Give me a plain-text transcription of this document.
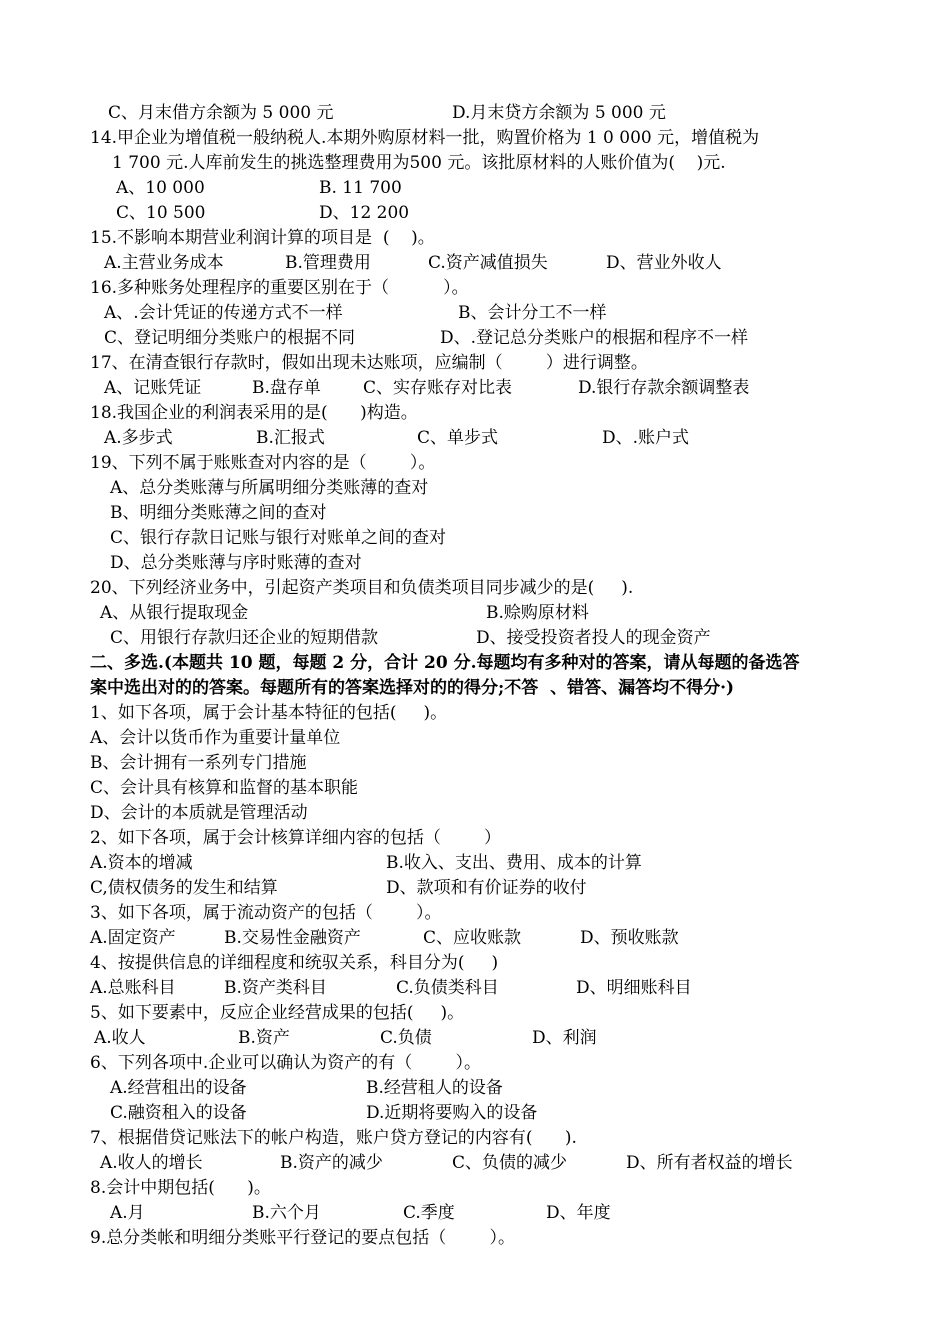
C、月末借方余额为 5 000 元	D.月末贷方余额为 5 000 元
14.甲企业为增值税一般纳税人.本期外购原材料一批，购置价格为 1 0 000 元，增值税为
1 700 元.人库前发生的挑选整理费用为500 元。该批原材料的人账价值为(    )元.
A、10 000	B. 11 700
C、10 500	D、12 200
15.不影响本期营业利润计算的项目是  (    )。
A.主营业务成本	B.管理费用	C.资产减值损失	D、营业外收人
16.多种账务处理程序的重要区别在于（          ）。
A、.会计凭证的传递方式不一样	B、会计分工不一样
C、登记明细分类账户的根据不同	D、.登记总分类账户的根据和程序不一样
17、在清查银行存款时，假如出现未达账项，应编制（        ）进行调整。
A、记账凭证	B.盘存单 C、实存账存对比表	D.银行存款余额调整表
18.我国企业的利润表采用的是(      )构造。
A.多步式	B.汇报式	C、单步式	D、.账户式
19、下列不属于账账查对内容的是（        ）。
A、总分类账薄与所属明细分类账薄的查对
B、明细分类账薄之间的查对
C、银行存款日记账与银行对账单之间的查对
D、总分类账薄与序时账薄的查对
20、下列经济业务中，引起资产类项目和负债类项目同步减少的是(     ).
A、从银行提取现金	B.赊购原材料
C、用银行存款归还企业的短期借款	D、接受投资者投人的现金资产
二、多选.(本题共 10 题，每题 2 分，合计 20 分.每题均有多种对的答案，请从每题的备选答
案中选出对的的答案。每题所有的答案选择对的的得分;不答  、错答、漏答均不得分·)
1、如下各项，属于会计基本特征的包括(     )。
A、会计以货币作为重要计量单位
B、会计拥有一系列专门措施
C、会计具有核算和监督的基本职能
D、会计的本质就是管理活动
2、如下各项，属于会计核算详细内容的包括（        ）
A.资本的增减	B.收入、支出、费用、成本的计算
C,债权债务的发生和结算	D、款项和有价证券的收付
3、如下各项，属于流动资产的包括（        ）。
A.固定资产	B.交易性金融资产	C、应收账款	D、预收账款
4、按提供信息的详细程度和统驭关系，科目分为(     )
A.总账科目	B.资产类科目	C.负债类科目	D、明细账科目
5、如下要素中，反应企业经营成果的包括(     )。
A.收人	B.资产	C.负债	D、利润
6、下列各项中.企业可以确认为资产的有（        ）。
A.经营租出的设备	B.经营租人的设备
C.融资租入的设备	D.近期将要购入的设备
7、根据借贷记账法下的帐户构造，账户贷方登记的内容有(      ).
A.收人的增长	B.资产的减少	C、负债的减少	D、所有者权益的增长
8.会计中期包括(      )。
A.月	B.六个月	C.季度	D、年度
9.总分类帐和明细分类账平行登记的要点包括（        ）。
